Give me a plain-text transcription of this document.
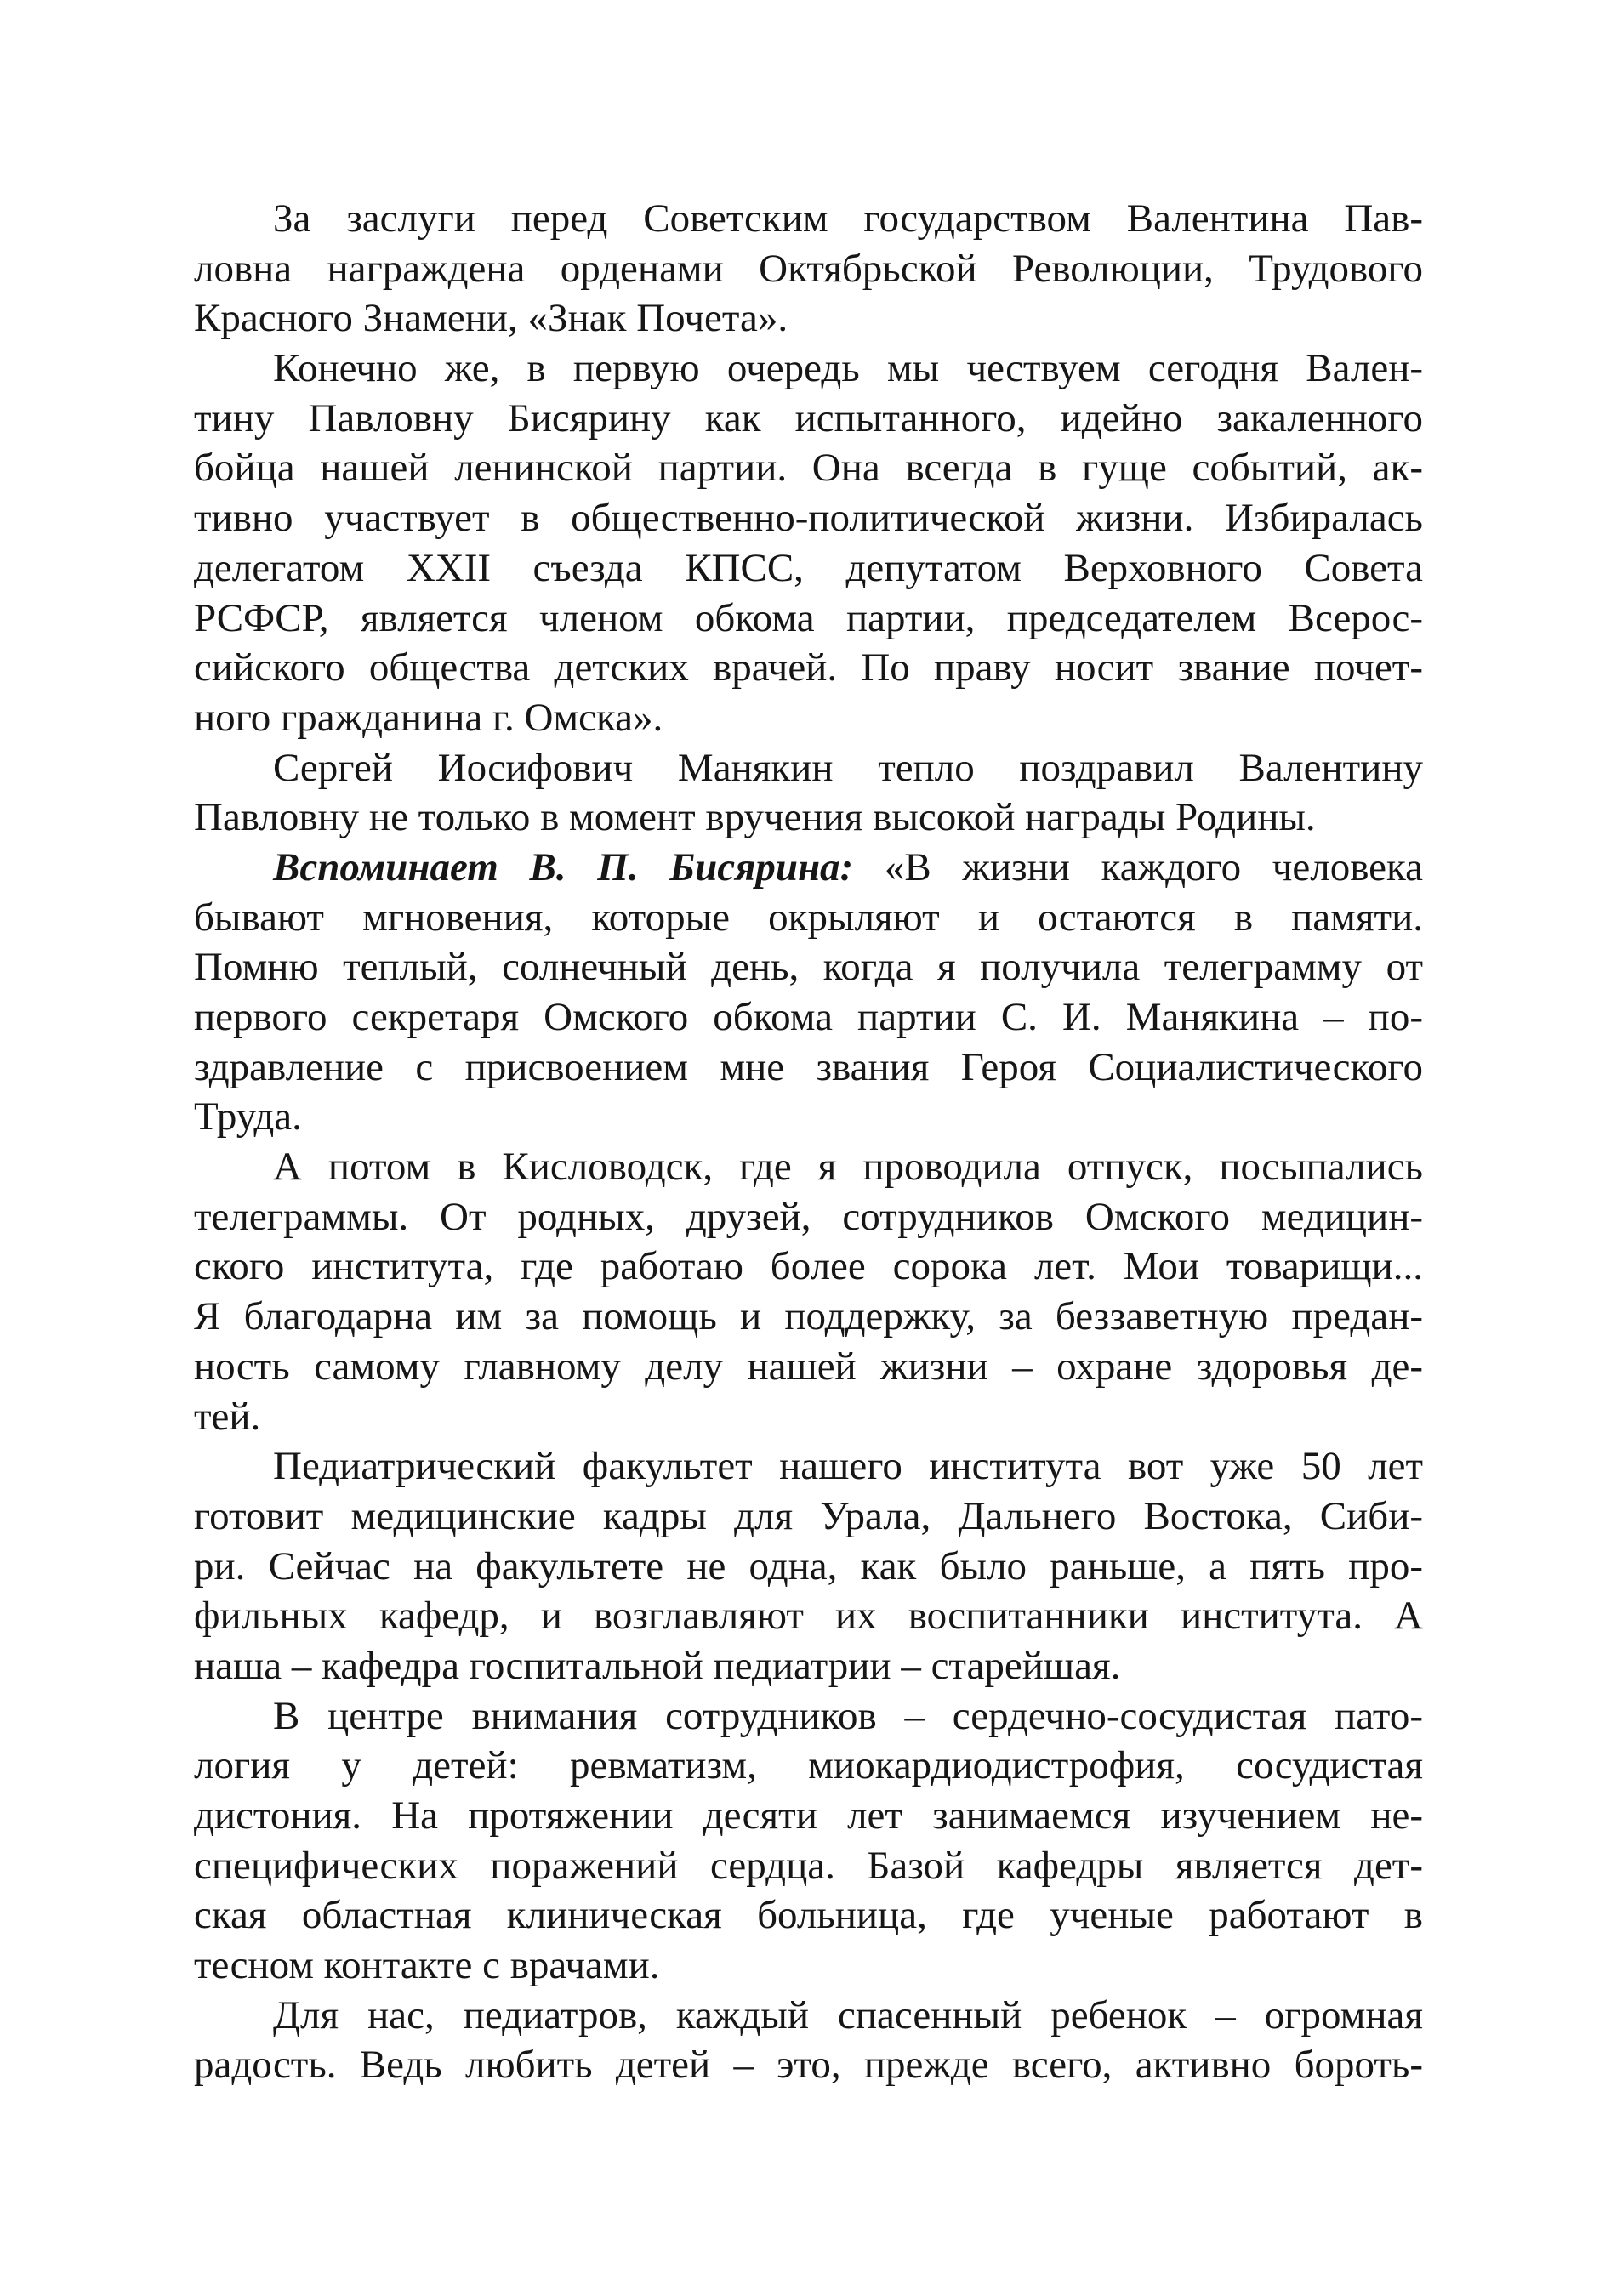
За заслуги перед Советским государством Валентина Пав-
ловна награждена орденами Октябрьской Революции, Трудового
Красного Знамени, «Знак Почета».
Конечно же, в первую очередь мы чествуем сегодня Вален-
тину Павловну Бисярину как испытанного, идейно закаленного
бойца нашей ленинской партии. Она всегда в гуще событий, ак-
тивно участвует в общественно-политической жизни. Избиралась
делегатом XXII съезда КПСС, депутатом Верховного Совета
РСФСР, является членом обкома партии, председателем Всерос-
сийского общества детских врачей. По праву носит звание почет-
ного гражданина г. Омска».
Сергей Иосифович Манякин тепло поздравил Валентину
Павловну не только в момент вручения высокой награды Родины.
Вспоминает В. П. Бисярина: «В жизни каждого человека
бывают мгновения, которые окрыляют и остаются в памяти.
Помню теплый, солнечный день, когда я получила телеграмму от
первого секретаря Омского обкома партии С. И. Манякина – по-
здравление с присвоением мне звания Героя Социалистического
Труда.
А потом в Кисловодск, где я проводила отпуск, посыпались
телеграммы. От родных, друзей, сотрудников Омского медицин-
ского института, где работаю более сорока лет. Мои товарищи...
Я благодарна им за помощь и поддержку, за беззаветную предан-
ность самому главному делу нашей жизни – охране здоровья де-
тей.
Педиатрический факультет нашего института вот уже 50 лет
готовит медицинские кадры для Урала, Дальнего Востока, Сиби-
ри. Сейчас на факультете не одна, как было раньше, а пять про-
фильных кафедр, и возглавляют их воспитанники института. А
наша – кафедра госпитальной педиатрии – старейшая.
В центре внимания сотрудников – сердечно-сосудистая пато-
логия у детей: ревматизм, миокардиодистрофия, сосудистая
дистония. На протяжении десяти лет занимаемся изучением не-
специфических поражений сердца. Базой кафедры является дет-
ская областная клиническая больница, где ученые работают в
тесном контакте с врачами.
Для нас, педиатров, каждый спасенный ребенок – огромная
радость. Ведь любить детей – это, прежде всего, активно бороть-
